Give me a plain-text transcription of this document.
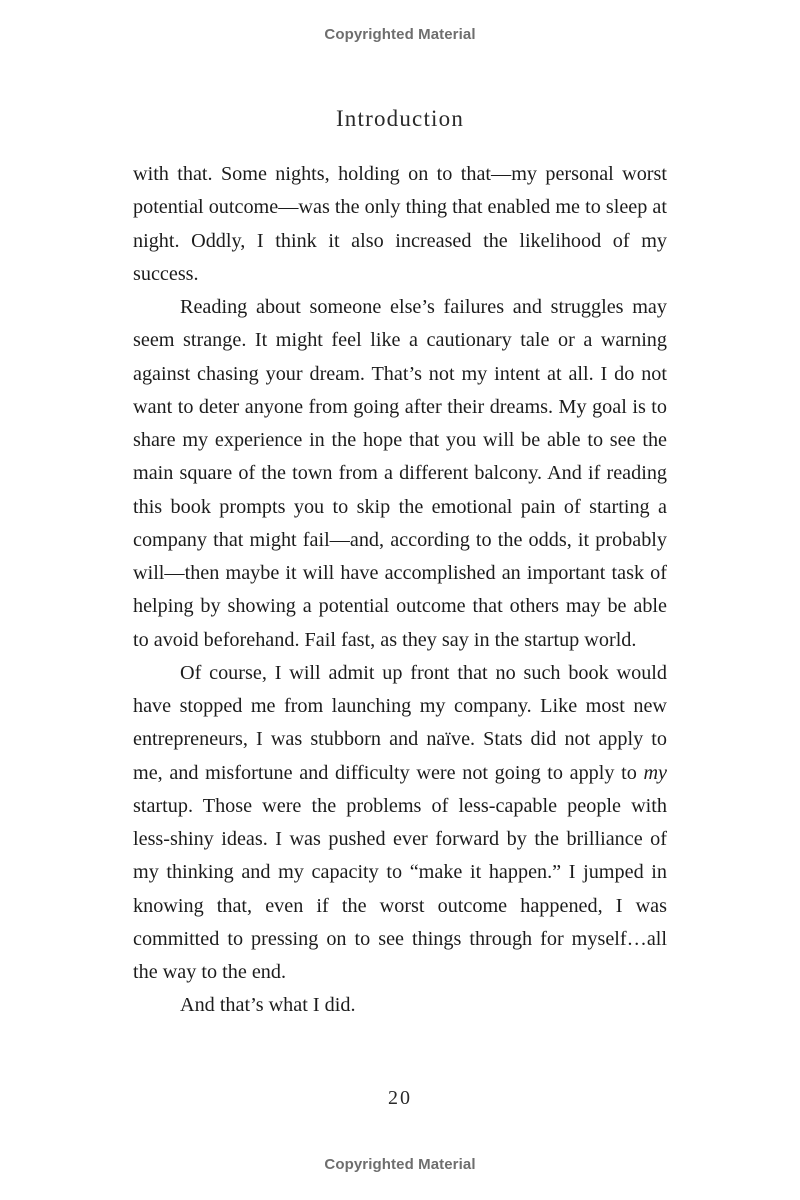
Copyrighted Material
Introduction

with that. Some nights, holding on to that—my personal worst potential outcome—was the only thing that enabled me to sleep at night. Oddly, I think it also increased the likelihood of my success.

Reading about someone else’s failures and struggles may seem strange. It might feel like a cautionary tale or a warning against chasing your dream. That’s not my intent at all. I do not want to deter anyone from going after their dreams. My goal is to share my experience in the hope that you will be able to see the main square of the town from a different balcony. And if reading this book prompts you to skip the emotional pain of starting a company that might fail—and, according to the odds, it probably will—then maybe it will have accomplished an important task of helping by showing a potential outcome that others may be able to avoid beforehand. Fail fast, as they say in the startup world.

Of course, I will admit up front that no such book would have stopped me from launching my company. Like most new entrepreneurs, I was stubborn and naïve. Stats did not apply to me, and misfortune and difficulty were not going to apply to my startup. Those were the problems of less-capable people with less-shiny ideas. I was pushed ever forward by the brilliance of my thinking and my capacity to “make it happen.” I jumped in knowing that, even if the worst outcome happened, I was committed to pressing on to see things through for myself…all the way to the end.

And that’s what I did.

20
Copyrighted Material
